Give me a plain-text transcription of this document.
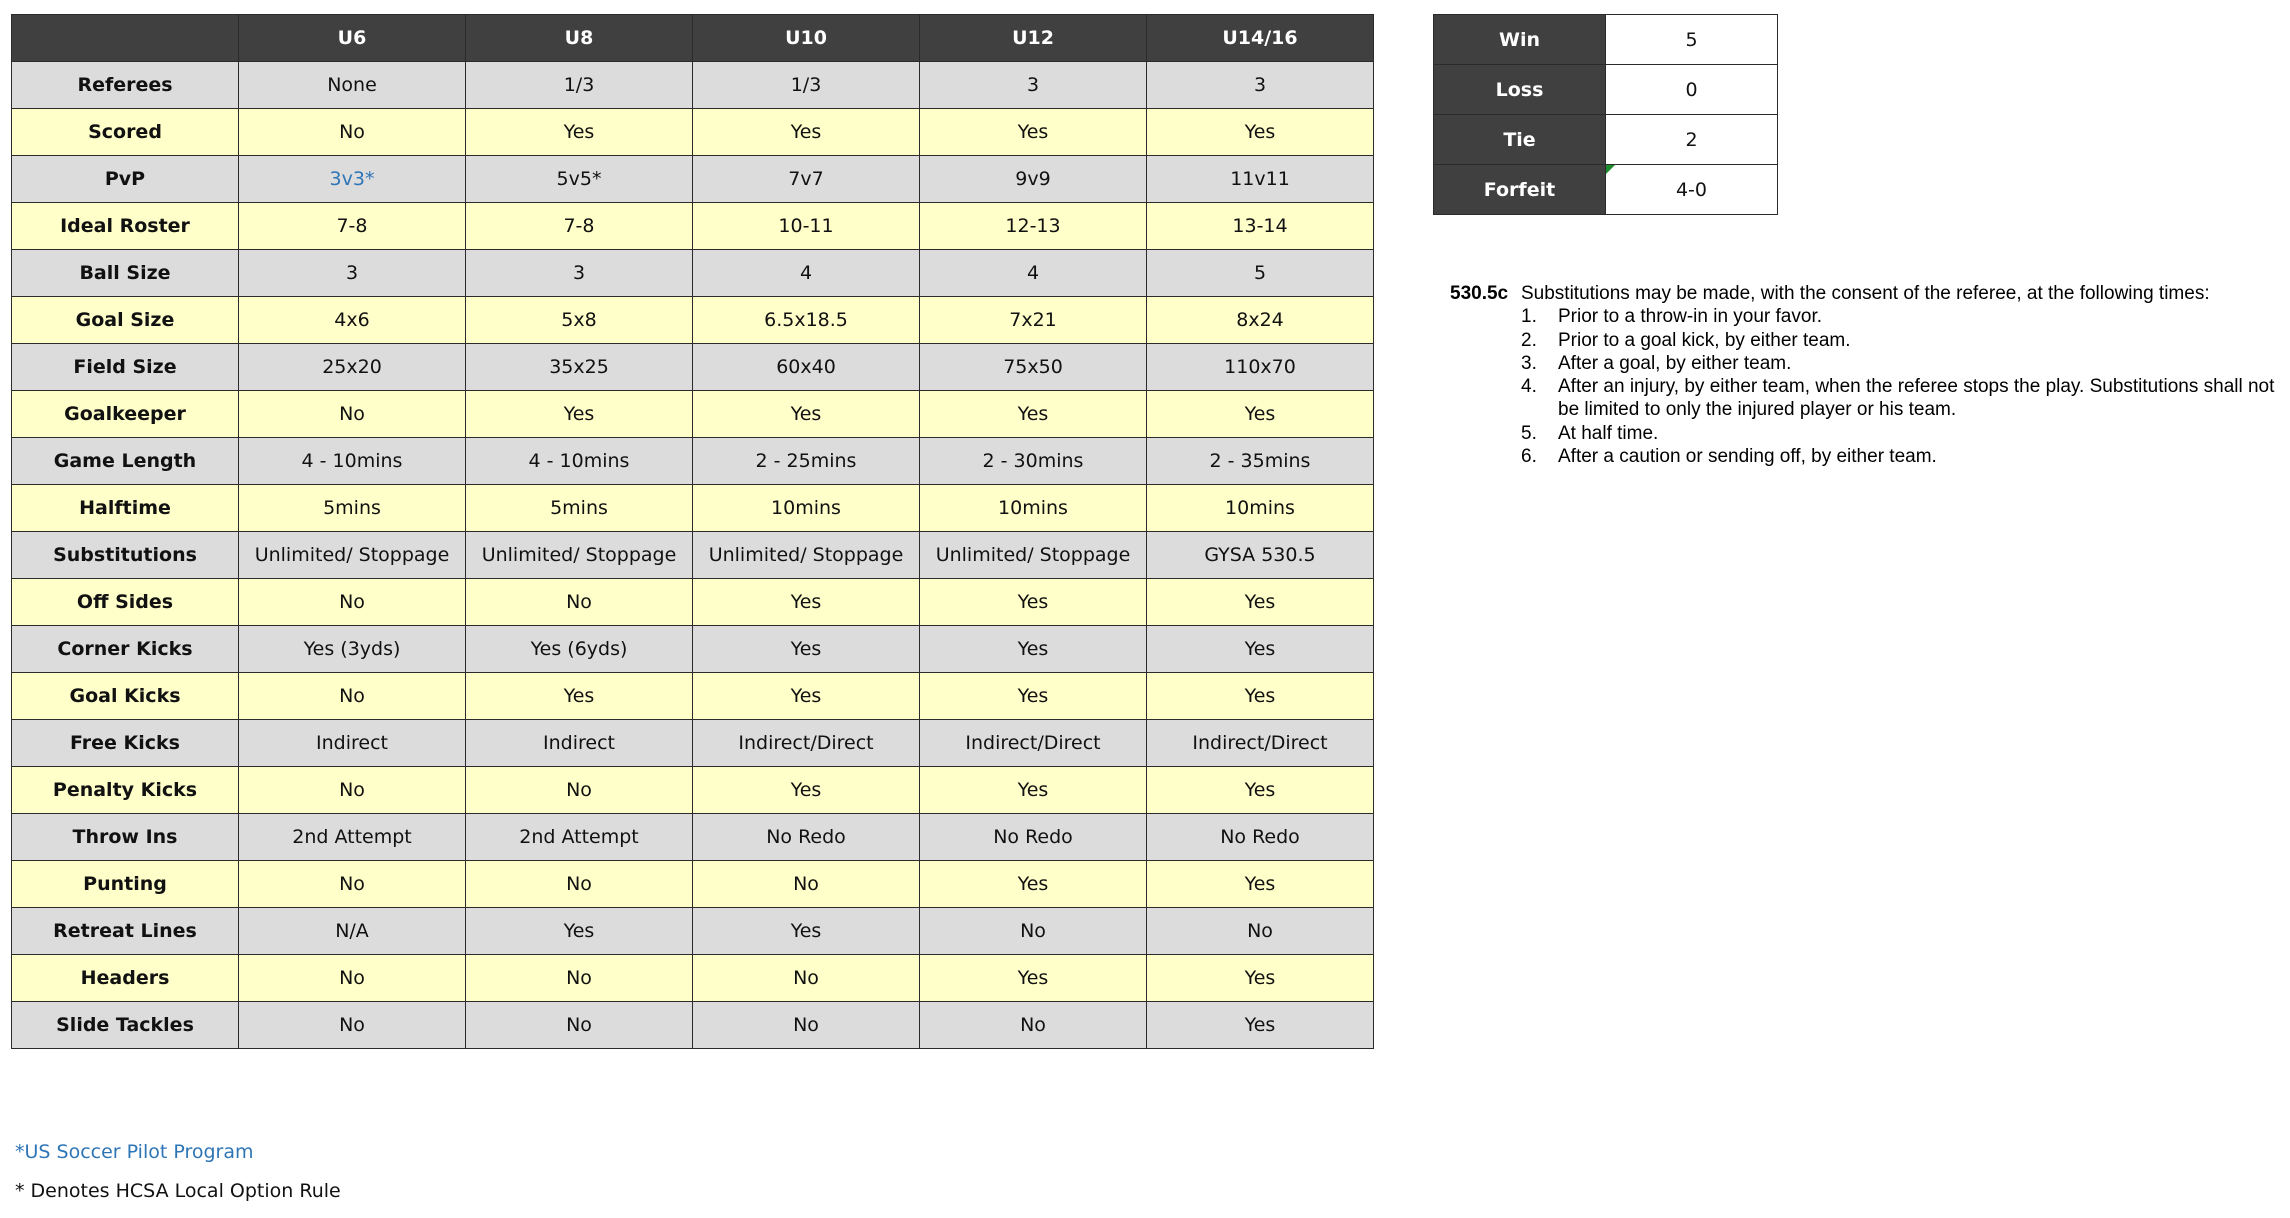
	U6	U8	U10	U12	U14/16
Referees	None	1/3	1/3	3	3
Scored	No	Yes	Yes	Yes	Yes
PvP	3v3*	5v5*	7v7	9v9	11v11
Ideal Roster	7-8	7-8	10-11	12-13	13-14
Ball Size	3	3	4	4	5
Goal Size	4x6	5x8	6.5x18.5	7x21	8x24
Field Size	25x20	35x25	60x40	75x50	110x70
Goalkeeper	No	Yes	Yes	Yes	Yes
Game Length	4 - 10mins	4 - 10mins	2 - 25mins	2 - 30mins	2 - 35mins
Halftime	5mins	5mins	10mins	10mins	10mins
Substitutions	Unlimited/ Stoppage	Unlimited/ Stoppage	Unlimited/ Stoppage	Unlimited/ Stoppage	GYSA 530.5
Off Sides	No	No	Yes	Yes	Yes
Corner Kicks	Yes (3yds)	Yes (6yds)	Yes	Yes	Yes
Goal Kicks	No	Yes	Yes	Yes	Yes
Free Kicks	Indirect	Indirect	Indirect/Direct	Indirect/Direct	Indirect/Direct
Penalty Kicks	No	No	Yes	Yes	Yes
Throw Ins	2nd Attempt	2nd Attempt	No Redo	No Redo	No Redo
Punting	No	No	No	Yes	Yes
Retreat Lines	N/A	Yes	Yes	No	No
Headers	No	No	No	Yes	Yes
Slide Tackles	No	No	No	No	Yes
Win	5
Loss	0
Tie	2
Forfeit	4-0
530.5c Substitutions may be made, with the consent of the referee, at the following times:
1.	Prior to a throw-in in your favor.
2.	Prior to a goal kick, by either team.
3.	After a goal, by either team.
4.	After an injury, by either team, when the referee stops the play. Substitutions shall not be limited to only the injured player or his team.
5.	At half time.
6.	After a caution or sending off, by either team.
*US Soccer Pilot Program
* Denotes HCSA Local Option Rule
